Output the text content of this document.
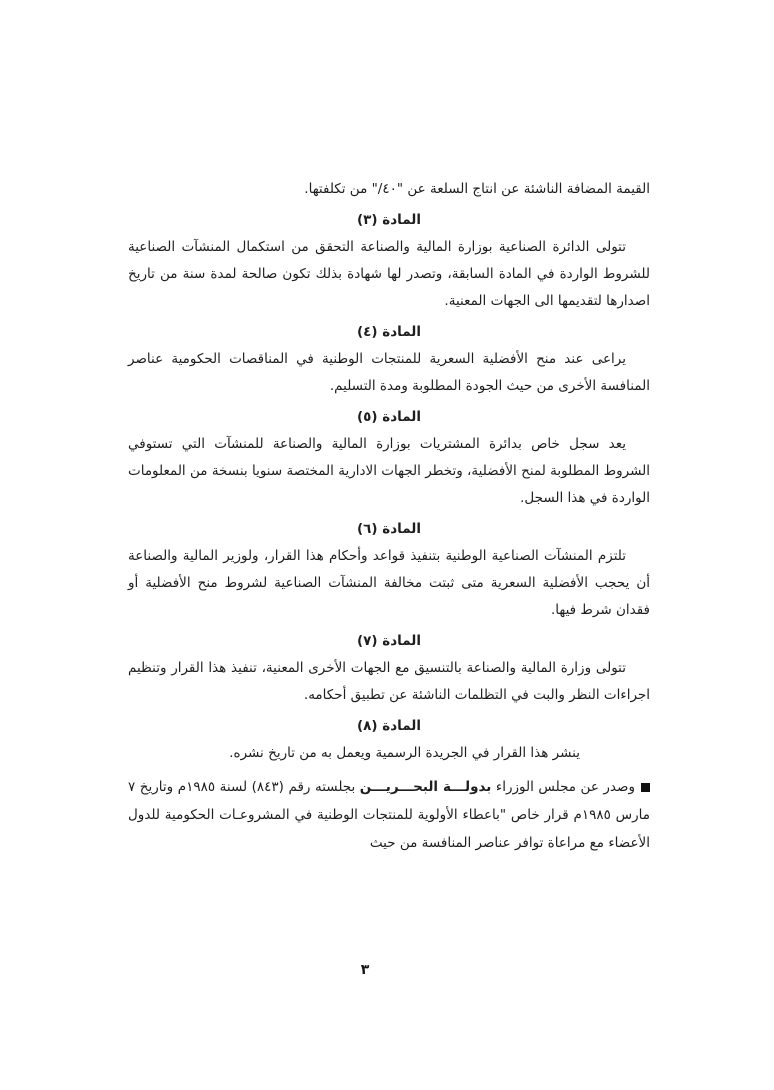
القيمة المضافة الناشئة عن انتاج السلعة عن "٤٠/" من تكلفتها.

المادة (٣)

تتولى الدائرة الصناعية بوزارة المالية والصناعة التحقق من استكمال المنشآت الصناعية للشروط الواردة في المادة السابقة، وتصدر لها شهادة بذلك تكون صالحة لمدة سنة من تاريخ اصدارها لتقديمها الى الجهات المعنية.

المادة (٤)

يراعى عند منح الأفضلية السعرية للمنتجات الوطنية في المناقصات الحكومية عناصر المنافسة الأخرى من حيث الجودة المطلوبة ومدة التسليم.

المادة (٥)

يعد سجل خاص بدائرة المشتريات بوزارة المالية والصناعة للمنشآت التي تستوفي الشروط المطلوبة لمنح الأفضلية، وتخطر الجهات الادارية المختصة سنويا بنسخة من المعلومات الواردة في هذا السجل.

المادة (٦)

تلتزم المنشآت الصناعية الوطنية بتنفيذ قواعد وأحكام هذا القرار، ولوزير المالية والصناعة أن يحجب الأفضلية السعرية متى ثبتت مخالفة المنشآت الصناعية لشروط منح الأفضلية أو فقدان شرط فيها.

المادة (٧)

تتولى وزارة المالية والصناعة بالتنسيق مع الجهات الأخرى المعنية، تنفيذ هذا القرار وتنظيم اجراءات النظر والبت في التظلمات الناشئة عن تطبيق أحكامه.

المادة (٨)

ينشر هذا القرار في الجريدة الرسمية ويعمل به من تاريخ نشره.

وصدر عن مجلس الوزراء بدولـــة البحـــريـــن بجلسته رقم (٨٤٣) لسنة ١٩٨٥م وتاريخ ٧ مارس ١٩٨٥م قرار خاص "باعطاء الأولوية للمنتجات الوطنية في المشروعـات الحكومية للدول الأعضاء مع مراعاة توافر عناصر المنافسة من حيث

٣
